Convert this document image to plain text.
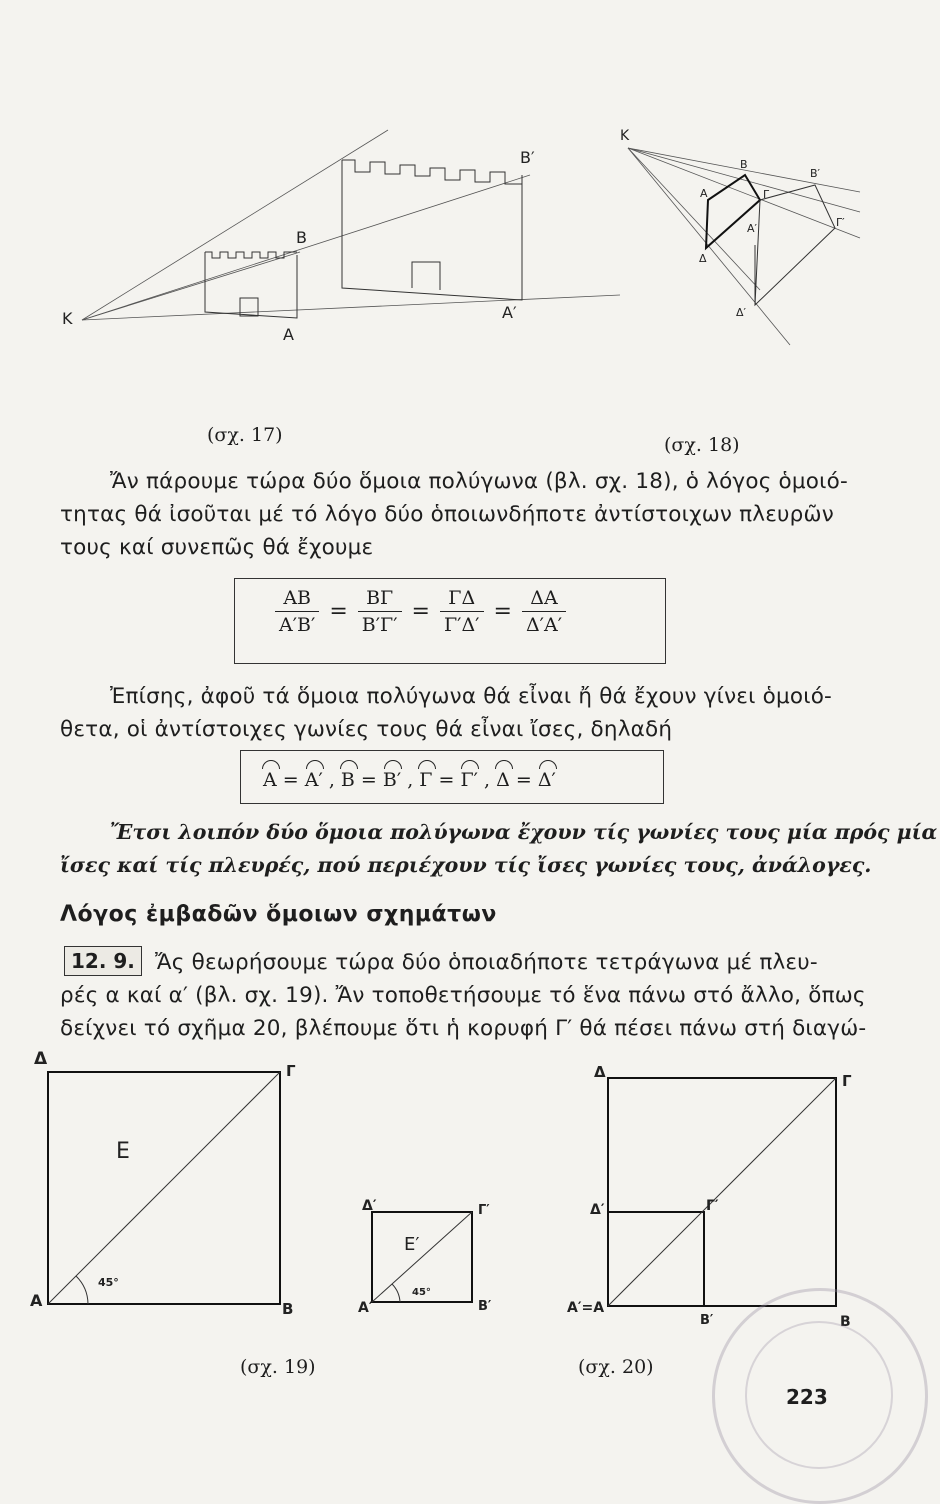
K
B
A
B′
A′
(σχ. 17)
K
B
B′
A	Γ
A′	Γ′
Δ
Δ′
(σχ. 18)
Ἄν πάρουμε τώρα δύο ὅμοια πολύγωνα (βλ. σχ. 18), ὁ λόγος ὁμοιό-
τητας θά ἰσοῦται μέ τό λόγο δύο ὁποιωνδήποτε ἀντίστοιχων πλευρῶν
τους καί συνεπῶς θά ἔχουμε
$\frac{AB}{A'B'} = \frac{B\Gamma}{B'\Gamma'} = \frac{\Gamma\Delta}{\Gamma'\Delta'} = \frac{\Delta A}{\Delta'A'}$
Ἐπίσης, ἀφοῦ τά ὅμοια πολύγωνα θά εἶναι ἤ θά ἔχουν γίνει ὁμοιό-
θετα, οἱ ἀντίστοιχες γωνίες τους θά εἶναι ἴσες, δηλαδή
A = A′ , B = B′ , Γ = Γ′ , Δ = Δ′
Ἔτσι λοιπόν δύο ὅμοια πολύγωνα ἔχουν τίς γωνίες τους μία πρός μία
ἴσες καί τίς πλευρές, πού περιέχουν τίς ἴσες γωνίες τους, ἀνάλογες.
Λόγος ἐμβαδῶν ὅμοιων σχημάτων
12. 9. Ἄς θεωρήσουμε τώρα δύο ὁποιαδήποτε τετράγωνα μέ πλευ-
ρές α καί α′ (βλ. σχ. 19). Ἄν τοποθετήσουμε τό ἕνα πάνω στό ἄλλο, ὅπως
δείχνει τό σχῆμα 20, βλέπουμε ὅτι ἡ κορυφή Γ′ θά πέσει πάνω στή διαγώ-
Δ
Γ
A	B
E
45°
Δ′	Γ′
A′	B′
E′
45°
(σχ. 19)
Δ	Γ
Δ′	Γ′
A′=A
B′	B
(σχ. 20)
223
